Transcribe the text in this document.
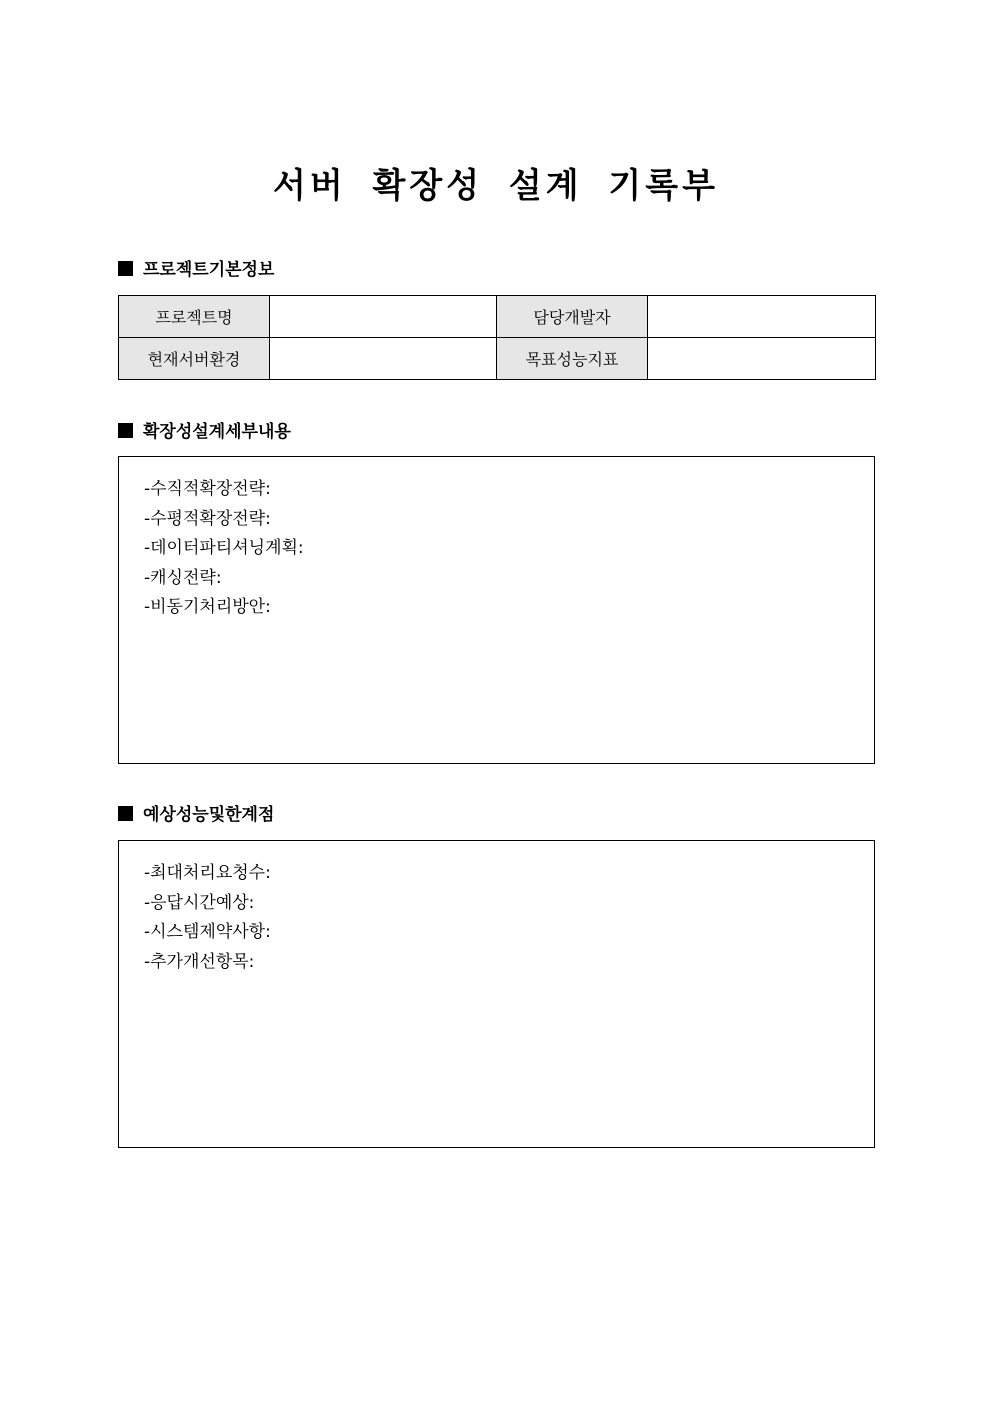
서버 확장성 설계 기록부
프로젝트기본정보
프로젝트명		담당개발자	
현재서버환경		목표성능지표	
확장성설계세부내용
-수직적확장전략:
-수평적확장전략:
-데이터파티셔닝계획:
-캐싱전략:
-비동기처리방안:
예상성능및한계점
-최대처리요청수:
-응답시간예상:
-시스템제약사항:
-추가개선항목:
